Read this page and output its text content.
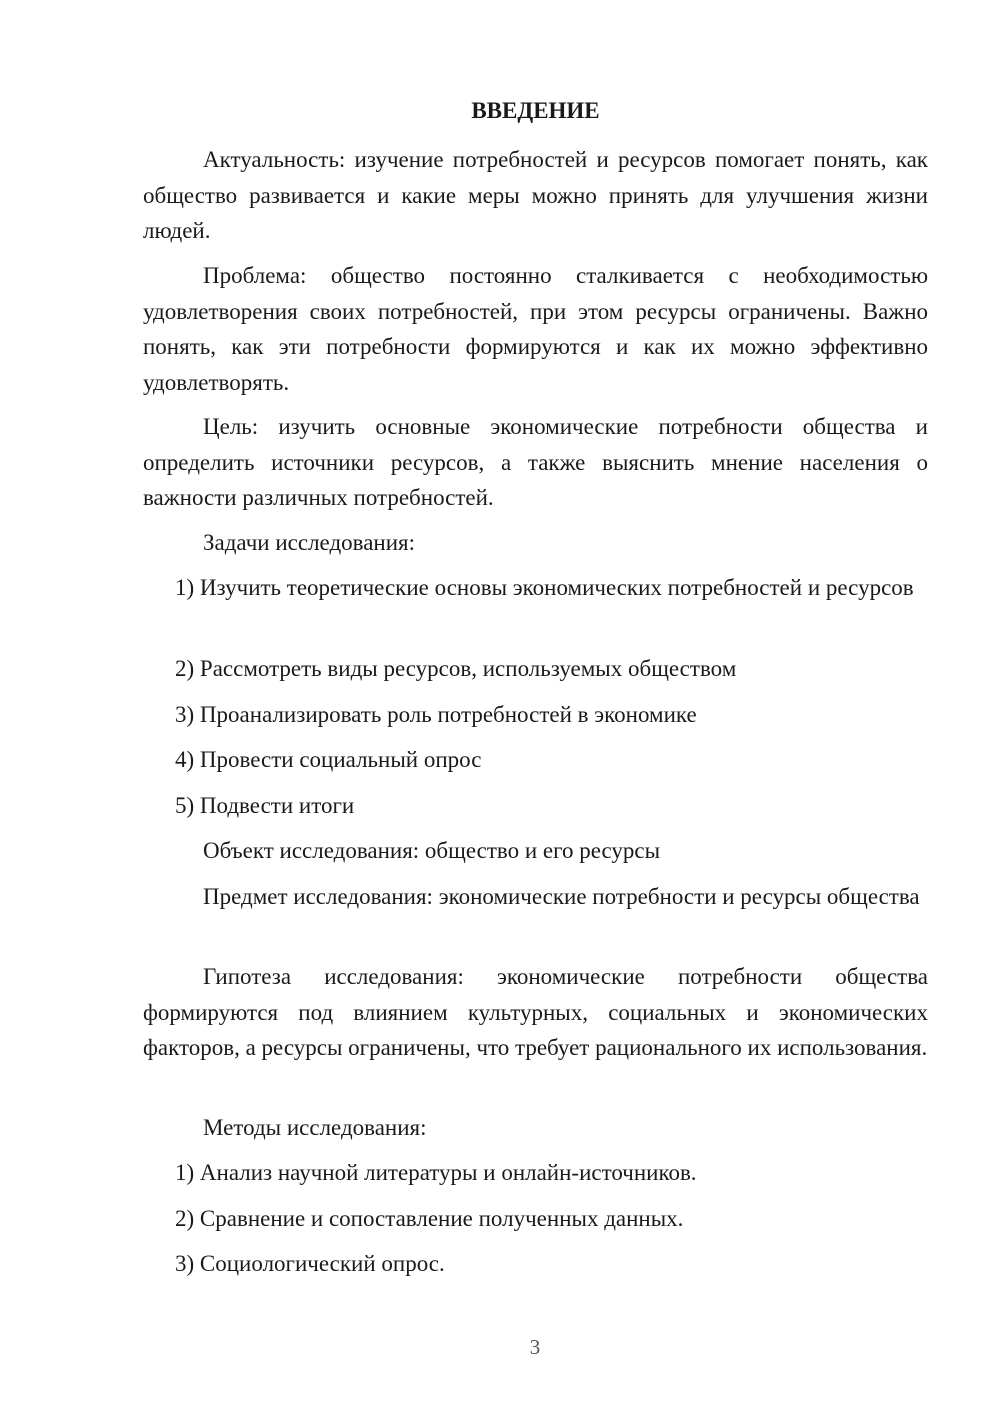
ВВЕДЕНИЕ

Актуальность: изучение потребностей и ресурсов помогает понять, как общество развивается и какие меры можно принять для улучшения жизни людей.

Проблема: общество постоянно сталкивается с необходимостью удовлетворения своих потребностей, при этом ресурсы ограничены. Важно понять, как эти потребности формируются и как их можно эффективно удовлетворять.

Цель: изучить основные экономические потребности общества и определить источники ресурсов, а также выяснить мнение населения о важности различных потребностей.

Задачи исследования:

1) Изучить теоретические основы экономических потребностей и ресурсов

2) Рассмотреть виды ресурсов, используемых обществом

3) Проанализировать роль потребностей в экономике

4) Провести социальный опрос

5) Подвести итоги

Объект исследования: общество и его ресурсы

Предмет исследования: экономические потребности и ресурсы общества

Гипотеза исследования: экономические потребности общества формируются под влиянием культурных, социальных и экономических факторов, а ресурсы ограничены, что требует рационального их использования.

Методы исследования:

1) Анализ научной литературы и онлайн-источников.

2) Сравнение и сопоставление полученных данных.

3) Социологический опрос.

3
